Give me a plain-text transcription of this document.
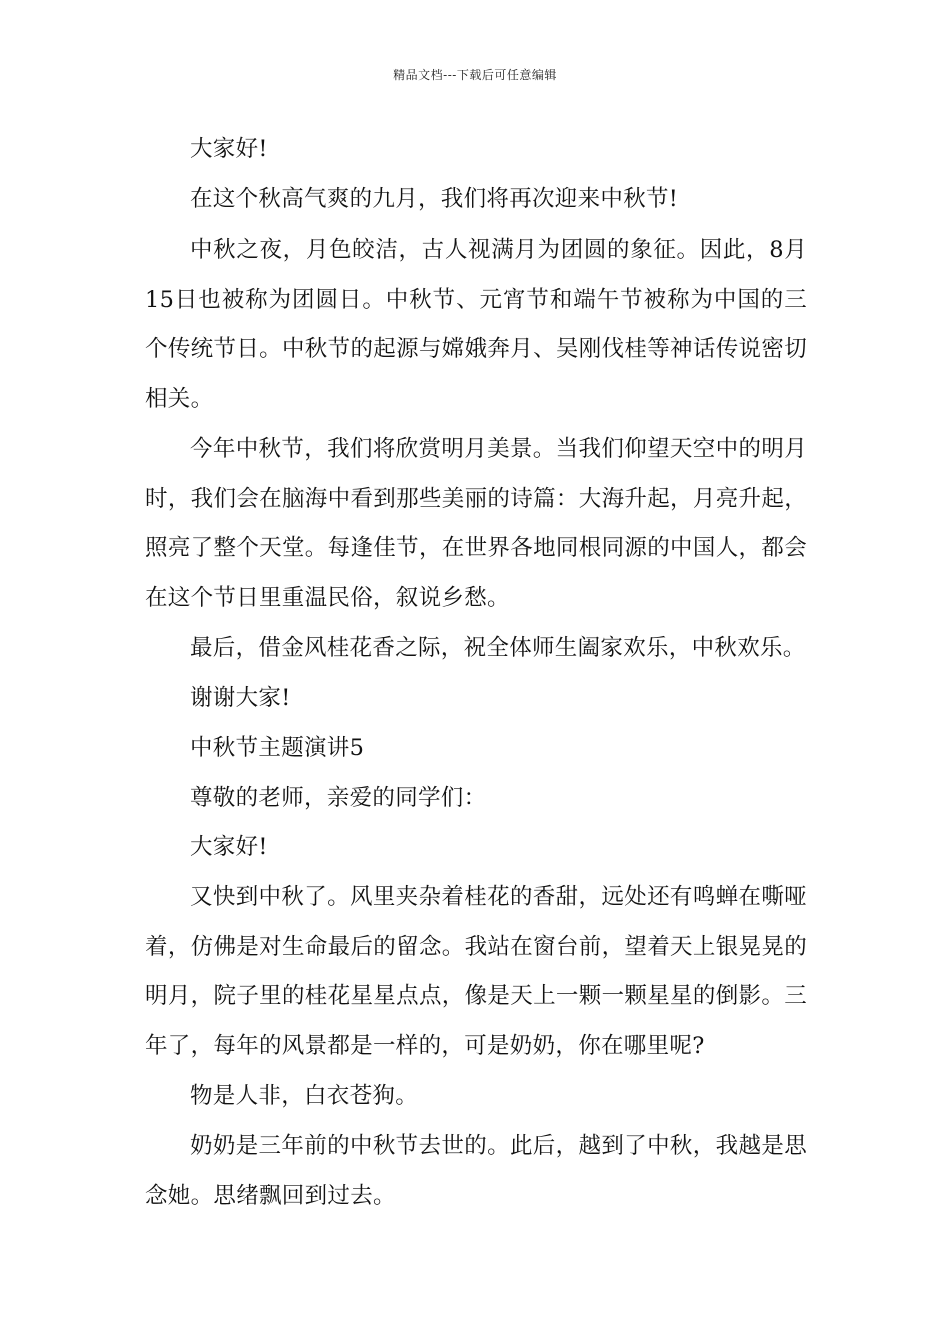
精品文档---下载后可任意编辑

大家好!

在这个秋高气爽的九月，我们将再次迎来中秋节!

中秋之夜，月色皎洁，古人视满月为团圆的象征。因此，8月15日也被称为团圆日。中秋节、元宵节和端午节被称为中国的三个传统节日。中秋节的起源与嫦娥奔月、吴刚伐桂等神话传说密切相关。

今年中秋节，我们将欣赏明月美景。当我们仰望天空中的明月时，我们会在脑海中看到那些美丽的诗篇：大海升起，月亮升起，照亮了整个天堂。每逢佳节，在世界各地同根同源的中国人，都会在这个节日里重温民俗，叙说乡愁。

最后，借金风桂花香之际，祝全体师生阖家欢乐，中秋欢乐。

谢谢大家!

中秋节主题演讲5

尊敬的老师，亲爱的同学们：

大家好!

又快到中秋了。风里夹杂着桂花的香甜，远处还有鸣蝉在嘶哑着，仿佛是对生命最后的留念。我站在窗台前，望着天上银晃晃的明月，院子里的桂花星星点点，像是天上一颗一颗星星的倒影。三年了，每年的风景都是一样的，可是奶奶，你在哪里呢?

物是人非，白衣苍狗。

奶奶是三年前的中秋节去世的。此后，越到了中秋，我越是思念她。思绪飘回到过去。
